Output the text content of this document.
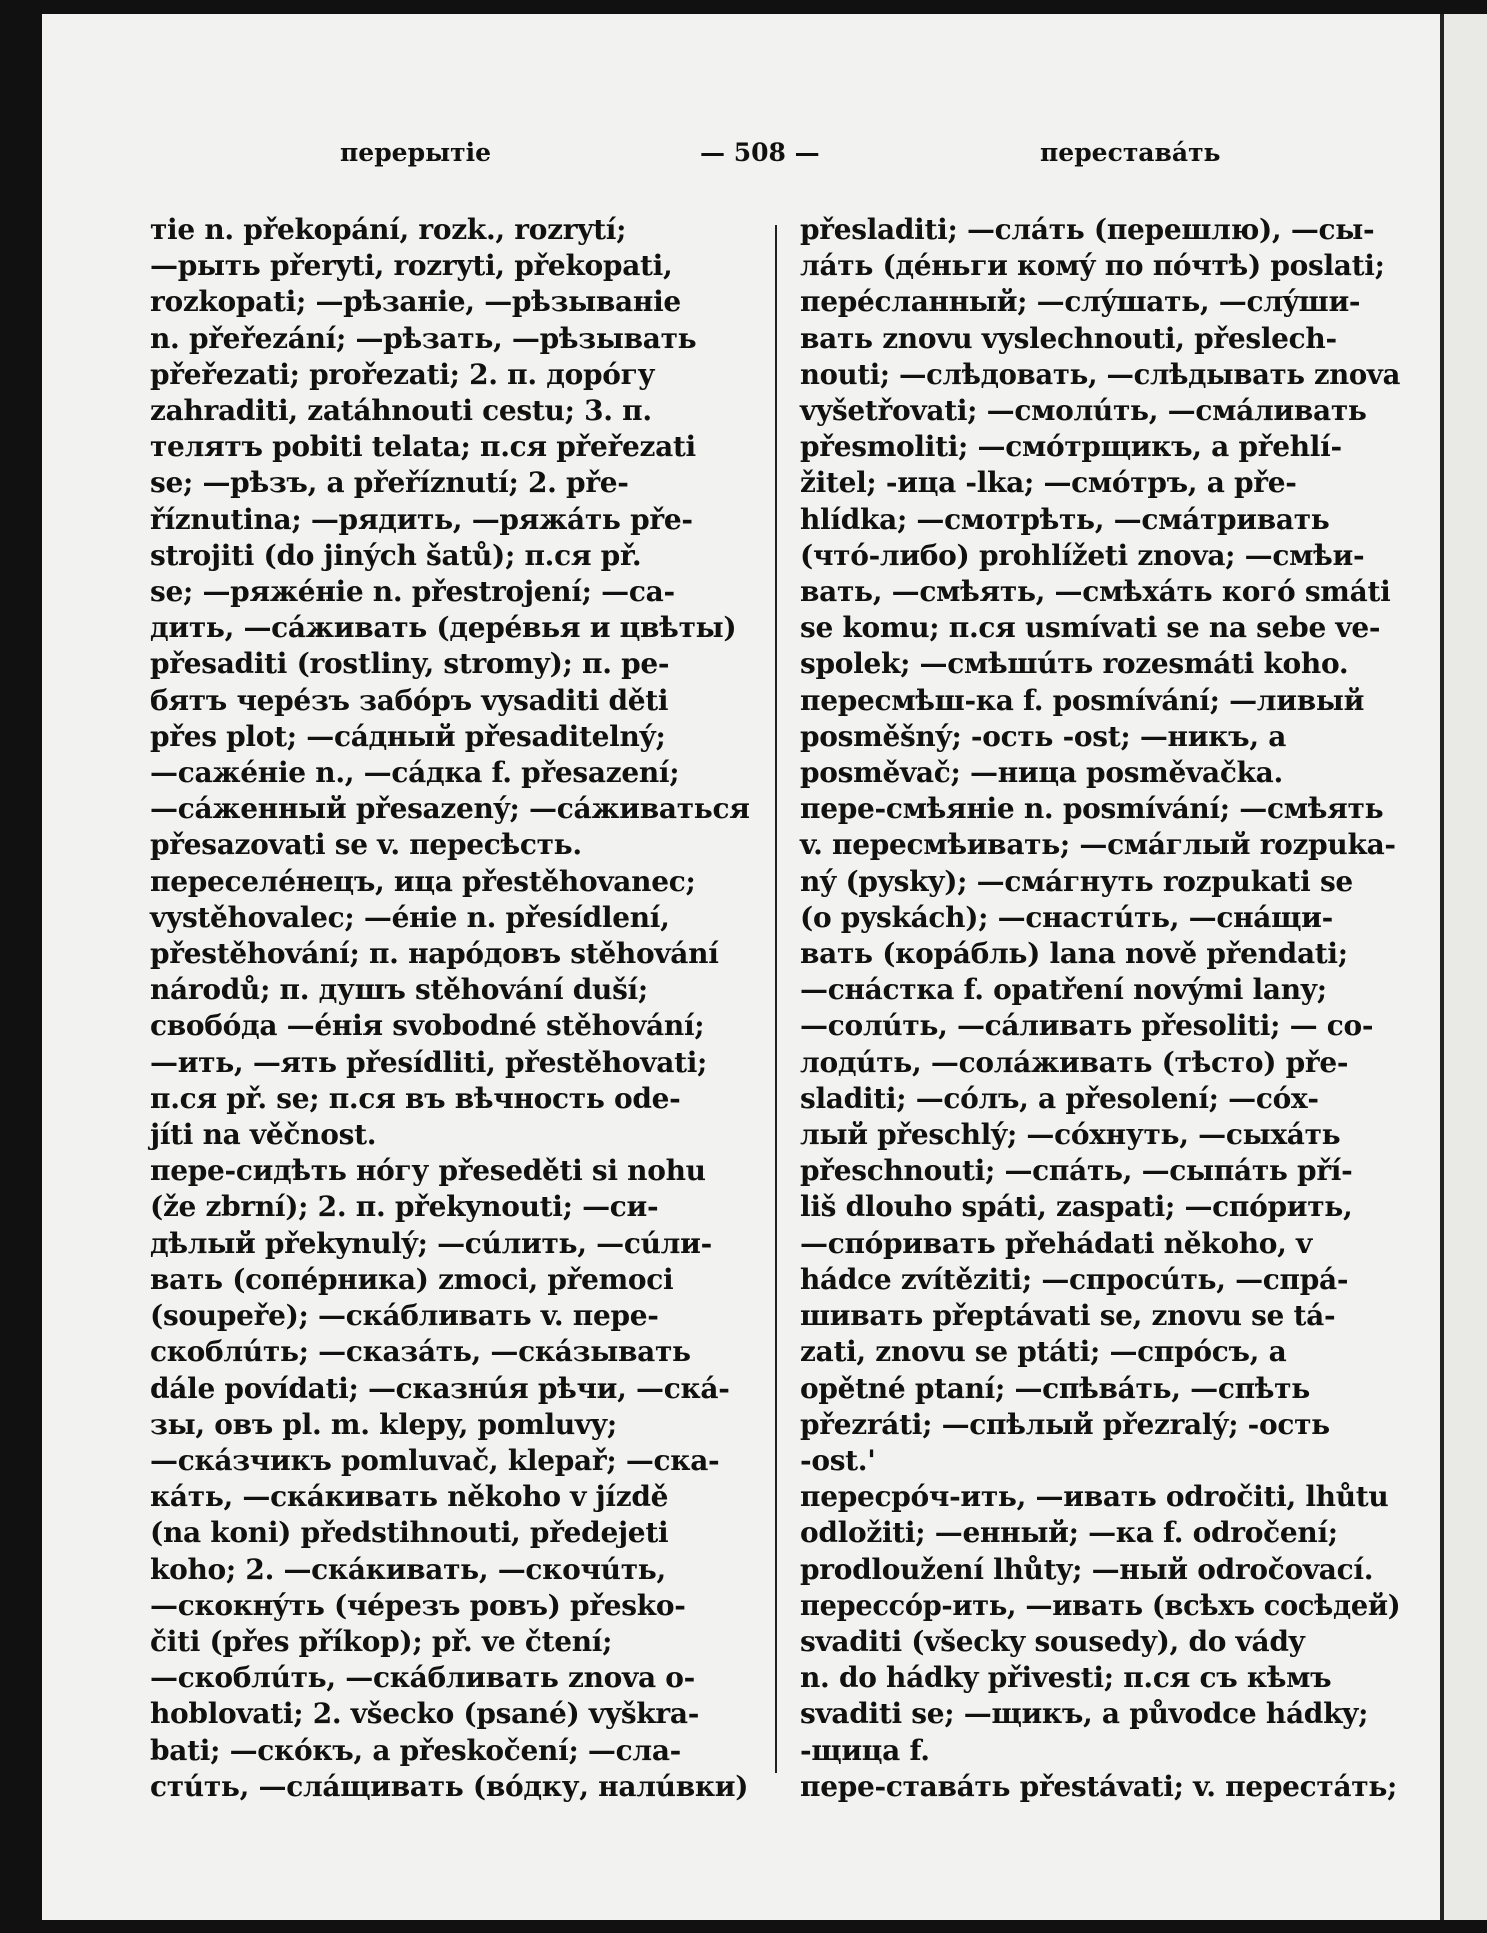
перерытіе	— 508 —	переставáть
тіе n. překopání, rozk., rozrytí;
—рыть přeryti, rozryti, překopati,
rozkopati; —рѣзаніе, —рѣзываніе
n. přeřezání; —рѣзать, —рѣзывать
přeřezati; prořezati; 2. п. дорóгу
zahraditi, zatáhnouti cestu; 3. п.
телятъ pobiti telata; п.ся přeřezati
se; —рѣзъ, a přeříznutí; 2. pře-
říznutina; —рядить, —ряжáть pře-
strojiti (do jiných šatů); п.ся př.
se; —ряжéніе n. přestrojení; —са-
дить, —сáживать (дерéвья и цвѣты)
přesaditi (rostliny, stromy); п. ре-
бятъ черéзъ забóръ vysaditi děti
přes plot; —сáдный přesaditelný;
—сажéніе n., —сáдка f. přesazení;
—сáженный přesazený; —сáживаться
přesazovati se v. пересѣсть.
переселéнецъ, ица přestěhovanec;
vystěhovalec; —éніе n. přesídlení,
přestěhování; п. нарóдовъ stěhování
národů; п. душъ stěhování duší;
свобóда —éнія svobodné stěhování;
—ить, —ять přesídliti, přestěhovati;
п.ся př. se; п.ся въ вѣчность ode-
jíti na věčnost.
пере-сидѣть нóгу přeseděti si nohu
(že zbrní); 2. п. překynouti; —си-
дѣлый překynulý; —сúлить, —сúли-
вать (сопéрника) zmoci, přemoci
(soupeře); —скáбливать v. пере-
скоблúть; —сказáть, —скáзывать
dále povídati; —сказнúя рѣчи, —скá-
зы, овъ pl. m. klepy, pomluvy;
—скáзчикъ pomluvač, klepař; —ска-
кáть, —скáкивать někoho v jízdě
(na koni) předstihnouti, předejeti
koho; 2. —скáкивать, —скочúть,
—скокнýть (чéрезъ ровъ) přesko-
čiti (přes příkop); př. ve čtení;
—скоблúть, —скáбливать znova o-
hoblovati; 2. všecko (psané) vyškra-
bati; —скóкъ, a přeskočení; —сла-
стúть, —слáщивать (вóдку, налúвки)
přesladiti; —слáть (перешлю), —сы-
лáть (дéньги комý по пóчтѣ) poslati;
перéсланный; —слýшать, —слýши-
вать znovu vyslechnouti, přeslech-
nouti; —слѣдовать, —слѣдывать znova
vyšetřovati; —смолúть, —смáливать
přesmoliti; —смóтрщикъ, a přehlí-
žitel; -ица -lka; —смóтръ, a pře-
hlídka; —смотрѣть, —смáтривать
(чтó-либо) prohlížeti znova; —смѣи-
вать, —смѣять, —смѣхáть когó smáti
se komu; п.ся usmívati se na sebe ve-
spolek; —смѣшúть rozesmáti koho.
пересмѣш-ка f. posmívání; —ливый
posměšný; -ость -ost; —никъ, a
posměvač; —ница posměvačka.
пере-смѣяніе n. posmívání; —смѣять
v. пересмѣивать; —смáглый rozpuka-
ný (pysky); —смáгнуть rozpukati se
(o pyskách); —снастúть, —снáщи-
вать (корáбль) lana nově přendati;
—снáстка f. opatření novými lany;
—солúть, —сáливать přesoliti; — со-
лодúть, —солáживать (тѣсто) pře-
sladiti; —сóлъ, a přesolení; —сóх-
лый přeschlý; —сóхнуть, —сыхáть
přeschnouti; —спáть, —сыпáть pří-
liš dlouho spáti, zaspati; —спóрить,
—спóривать přehádati někoho, v
hádce zvítěziti; —спросúть, —спрá-
шивать přeptávati se, znovu se tá-
zati, znovu se ptáti; —спрóсъ, a
opětné ptaní; —спѣвáть, —спѣть
přezráti; —спѣлый přezralý; -ость
-ost.'
пересрóч-ить, —ивать odročiti, lhůtu
odložiti; —енный; —ка f. odročení;
prodloužení lhůty; —ный odročovací.
перессóр-ить, —ивать (всѣхъ сосѣдей)
svaditi (všecky sousedy), do vády
n. do hádky přivesti; п.ся съ кѣмъ
svaditi se; —щикъ, a původce hádky;
-щица f.
пере-ставáть přestávati; v. перестáть;
